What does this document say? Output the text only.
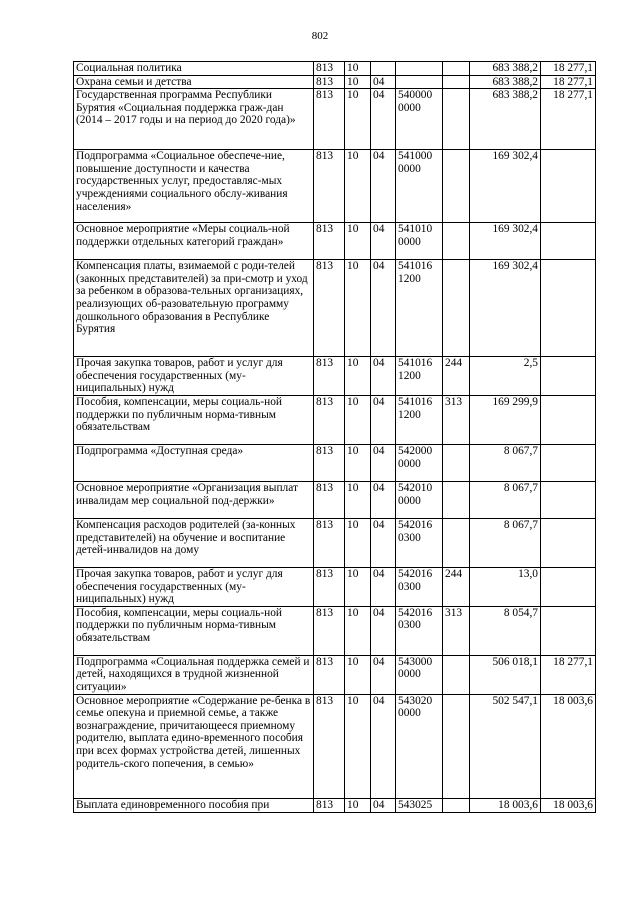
802
Социальная политика	813	10				683 388,2	18 277,1
Охрана семьи и детства	813	10	04			683 388,2	18 277,1
Государственная программа Республики Бурятия «Социальная поддержка граж-дан (2014 – 2017 годы и на период до 2020 года)»	813	10	04	540000 0000		683 388,2	18 277,1
Подпрограмма «Социальное обеспече-ние, повышение доступности и качества государственных услуг, предоставляс-мых учреждениями социального обслу-живания населения»	813	10	04	541000 0000		169 302,4	
Основное мероприятие «Меры социаль-ной поддержки отдельных категорий граждан»	813	10	04	541010 0000		169 302,4	
Компенсация платы, взимаемой с роди-телей (законных представителей) за при-смотр и уход за ребенком в образова-тельных организациях, реализующих об-разовательную программу дошкольного образования в Республике Бурятия	813	10	04	541016 1200		169 302,4	
Прочая закупка товаров, работ и услуг для обеспечения государственных (му-ниципальных) нужд	813	10	04	541016 1200	244	2,5	
Пособия, компенсации, меры социаль-ной поддержки по публичным норма-тивным обязательствам	813	10	04	541016 1200	313	169 299,9	
Подпрограмма «Доступная среда»	813	10	04	542000 0000		8 067,7	
Основное мероприятие «Организация выплат инвалидам мер социальной под-держки»	813	10	04	542010 0000		8 067,7	
Компенсация расходов родителей (за-конных представителей) на обучение и воспитание детей-инвалидов на дому	813	10	04	542016 0300		8 067,7	
Прочая закупка товаров, работ и услуг для обеспечения государственных (му-ниципальных) нужд	813	10	04	542016 0300	244	13,0	
Пособия, компенсации, меры социаль-ной поддержки по публичным норма-тивным обязательствам	813	10	04	542016 0300	313	8 054,7	
Подпрограмма «Социальная поддержка семей и детей, находящихся в трудной жизненной ситуации»	813	10	04	543000 0000		506 018,1	18 277,1
Основное мероприятие «Содержание ре-бенка в семье опекуна и приемной семье, а также вознаграждение, причитающееся приемному родителю, выплата едино-временного пособия при всех формах устройства детей, лишенных родитель-ского попечения, в семью»	813	10	04	543020 0000		502 547,1	18 003,6
Выплата единовременного пособия при	813	10	04	543025		18 003,6	18 003,6
